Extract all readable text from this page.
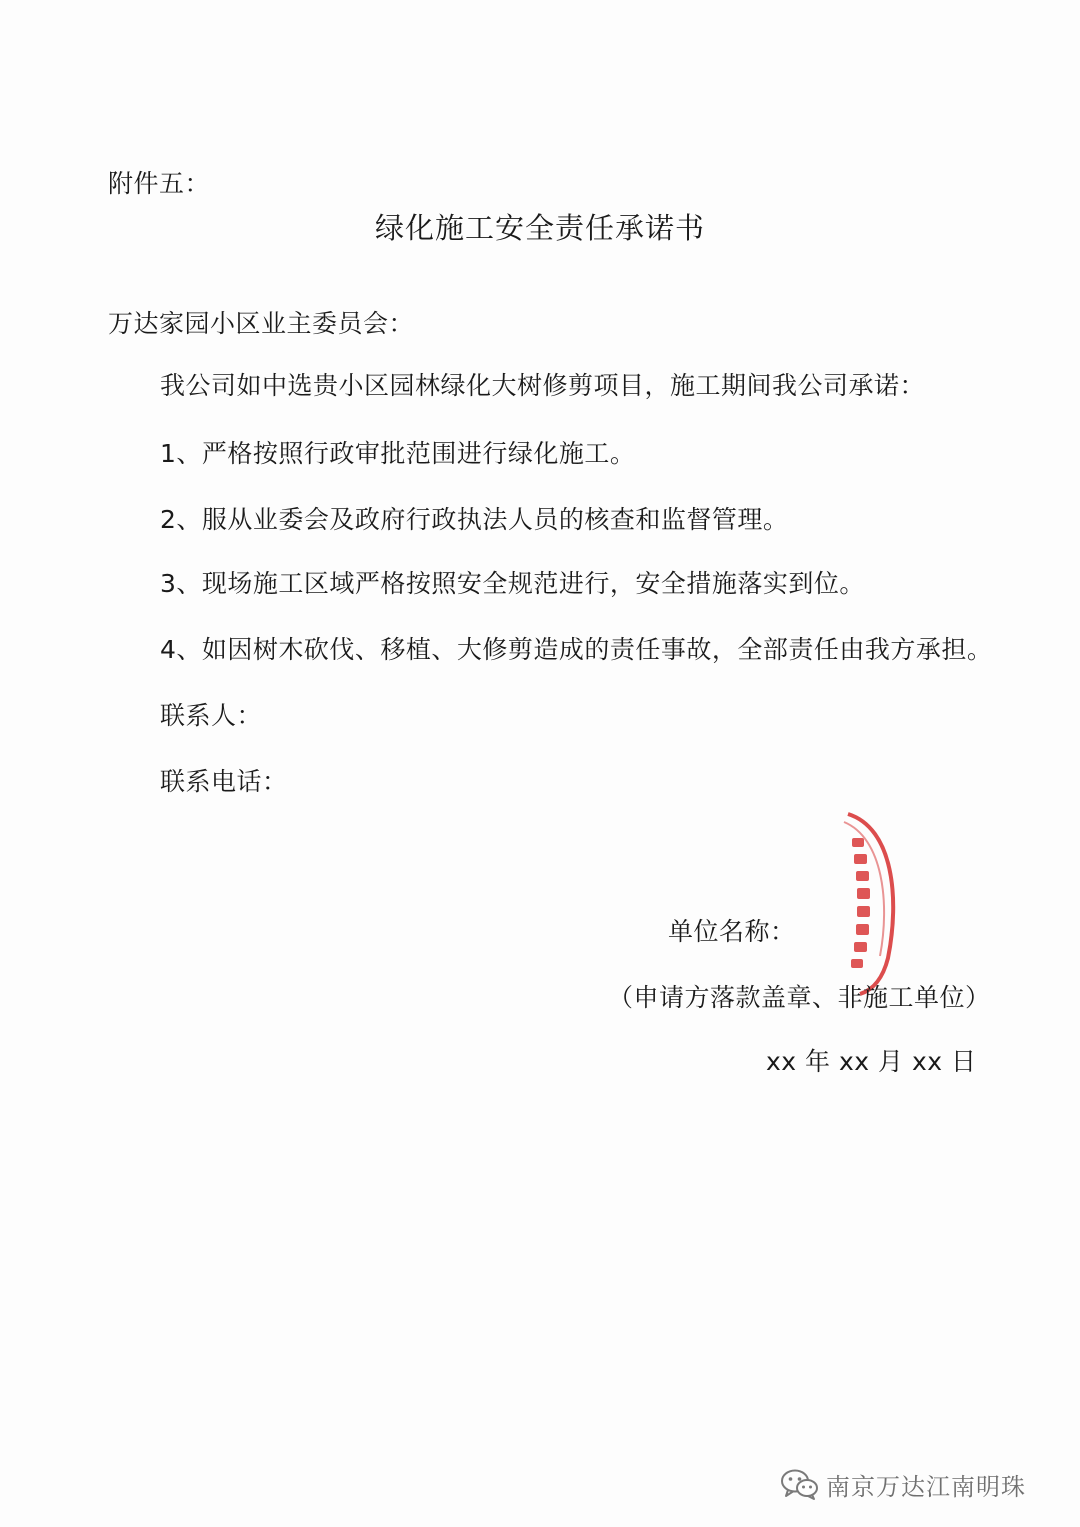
附件五：
绿化施工安全责任承诺书
万达家园小区业主委员会：
我公司如中选贵小区园林绿化大树修剪项目，施工期间我公司承诺：
1、严格按照行政审批范围进行绿化施工。
2、服从业委会及政府行政执法人员的核查和监督管理。
3、现场施工区域严格按照安全规范进行，安全措施落实到位。
4、如因树木砍伐、移植、大修剪造成的责任事故，全部责任由我方承担。
联系人：
联系电话：
单位名称：
（申请方落款盖章、非施工单位）
xx 年 xx 月 xx 日
南京万达江南明珠
